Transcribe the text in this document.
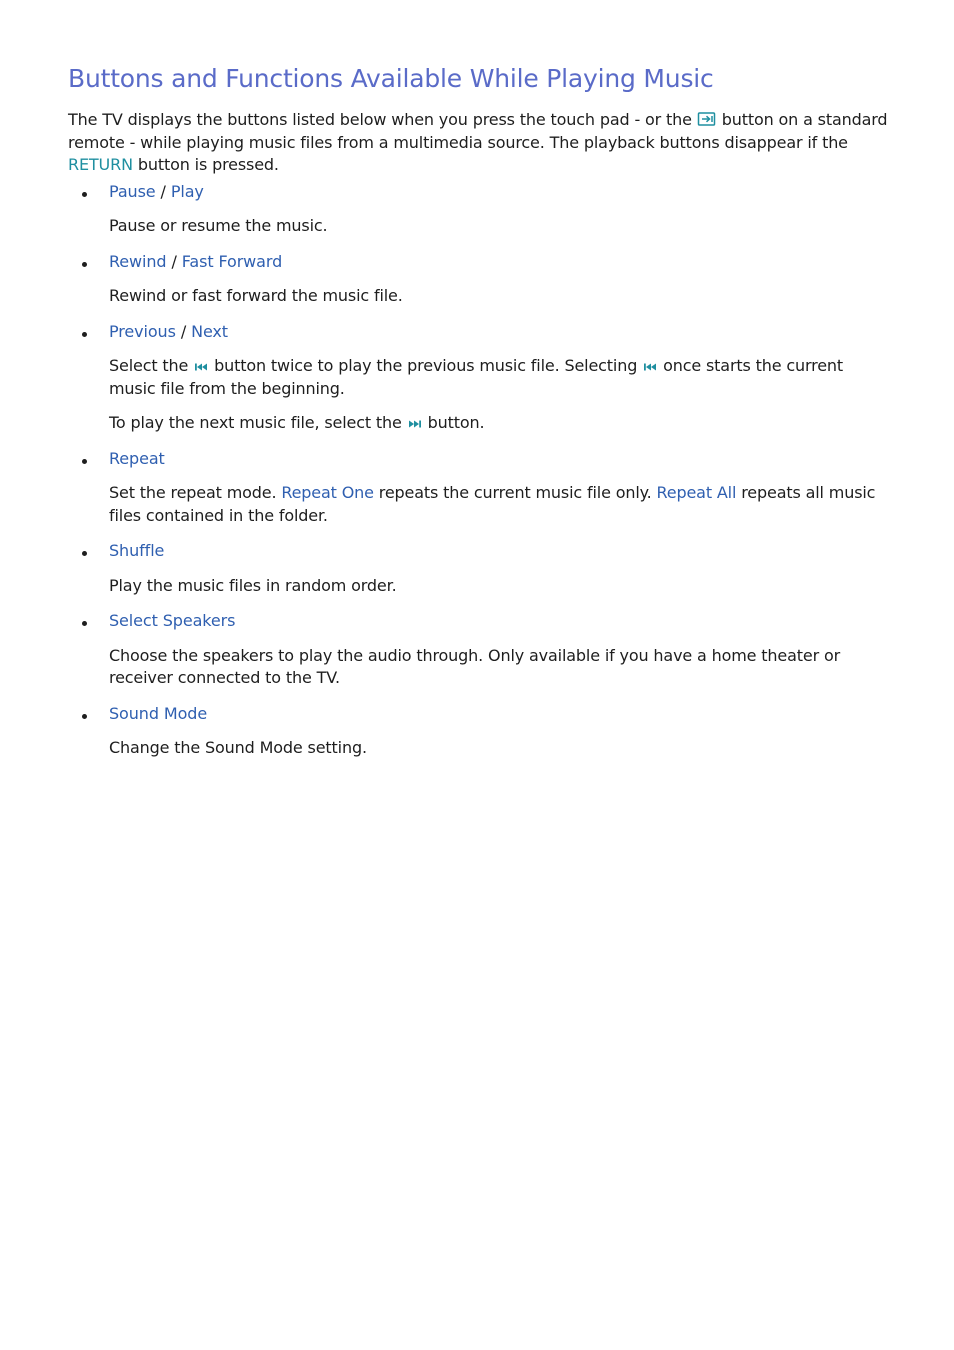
Buttons and Functions Available While Playing Music

The TV displays the buttons listed below when you press the touch pad - or the  button on a standard remote - while playing music files from a multimedia source. The playback buttons disappear if the RETURN button is pressed.

Pause / Play

Pause or resume the music.

Rewind / Fast Forward

Rewind or fast forward the music file.

Previous / Next

Select the  button twice to play the previous music file. Selecting  once starts the current music file from the beginning.

To play the next music file, select the  button.

Repeat

Set the repeat mode. Repeat One repeats the current music file only. Repeat All repeats all music files contained in the folder.

Shuffle

Play the music files in random order.

Select Speakers

Choose the speakers to play the audio through. Only available if you have a home theater or receiver connected to the TV.

Sound Mode

Change the Sound Mode setting.
